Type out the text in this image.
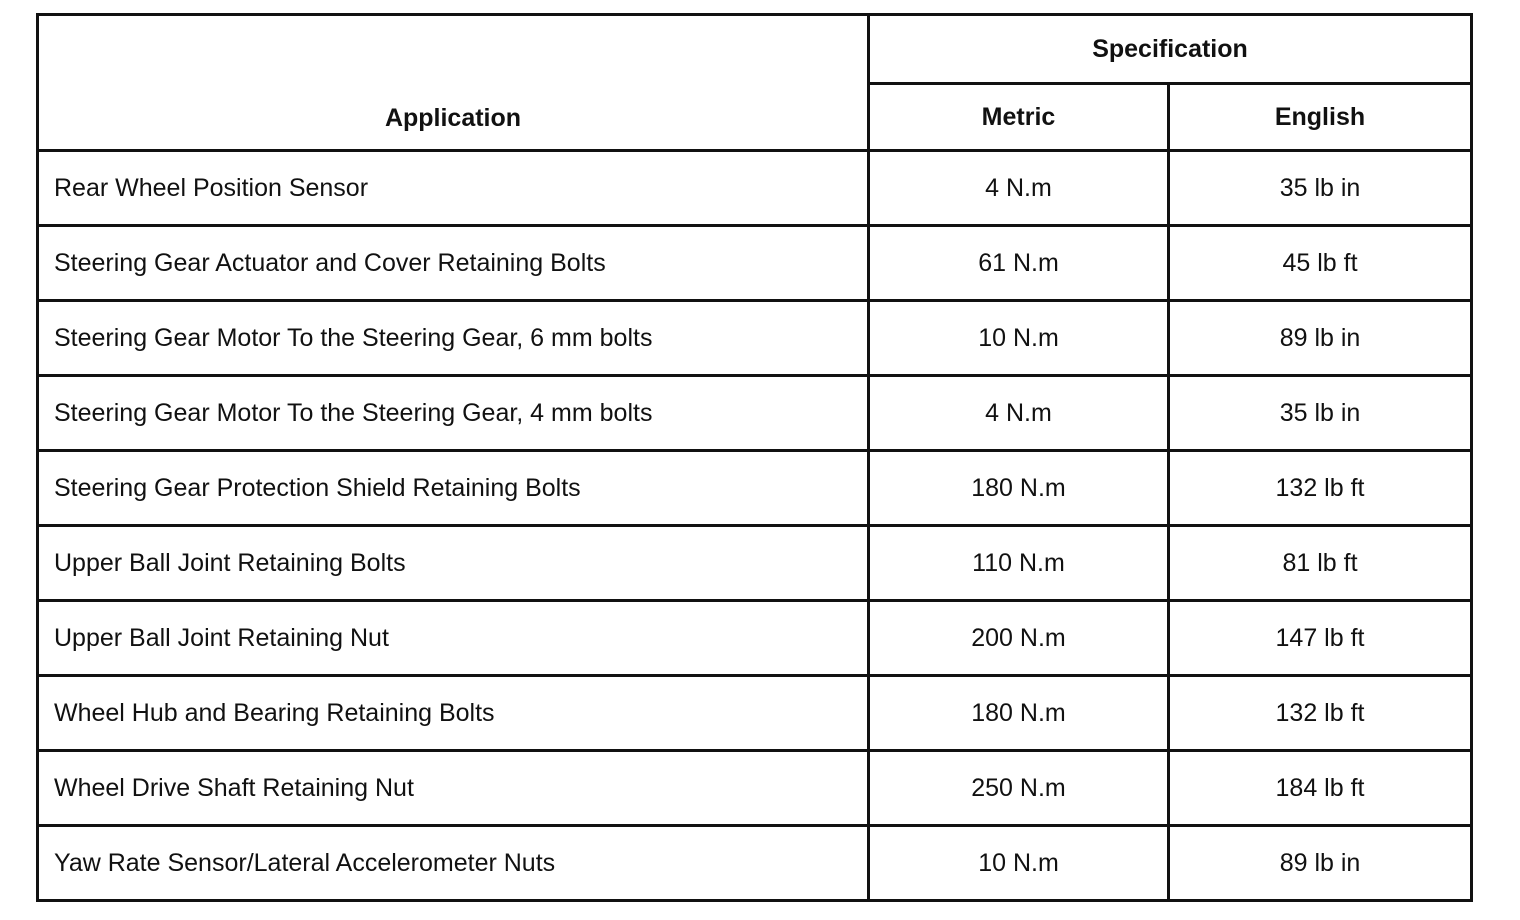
Application	Specification	
	Metric	English
Rear Wheel Position Sensor	4 N.m	35 lb in
Steering Gear Actuator and Cover Retaining Bolts	61 N.m	45 lb ft
Steering Gear Motor To the Steering Gear, 6 mm bolts	10 N.m	89 lb in
Steering Gear Motor To the Steering Gear, 4 mm bolts	4 N.m	35 lb in
Steering Gear Protection Shield Retaining Bolts	180 N.m	132 lb ft
Upper Ball Joint Retaining Bolts	110 N.m	81 lb ft
Upper Ball Joint Retaining Nut	200 N.m	147 lb ft
Wheel Hub and Bearing Retaining Bolts	180 N.m	132 lb ft
Wheel Drive Shaft Retaining Nut	250 N.m	184 lb ft
Yaw Rate Sensor/Lateral Accelerometer Nuts	10 N.m	89 lb in
